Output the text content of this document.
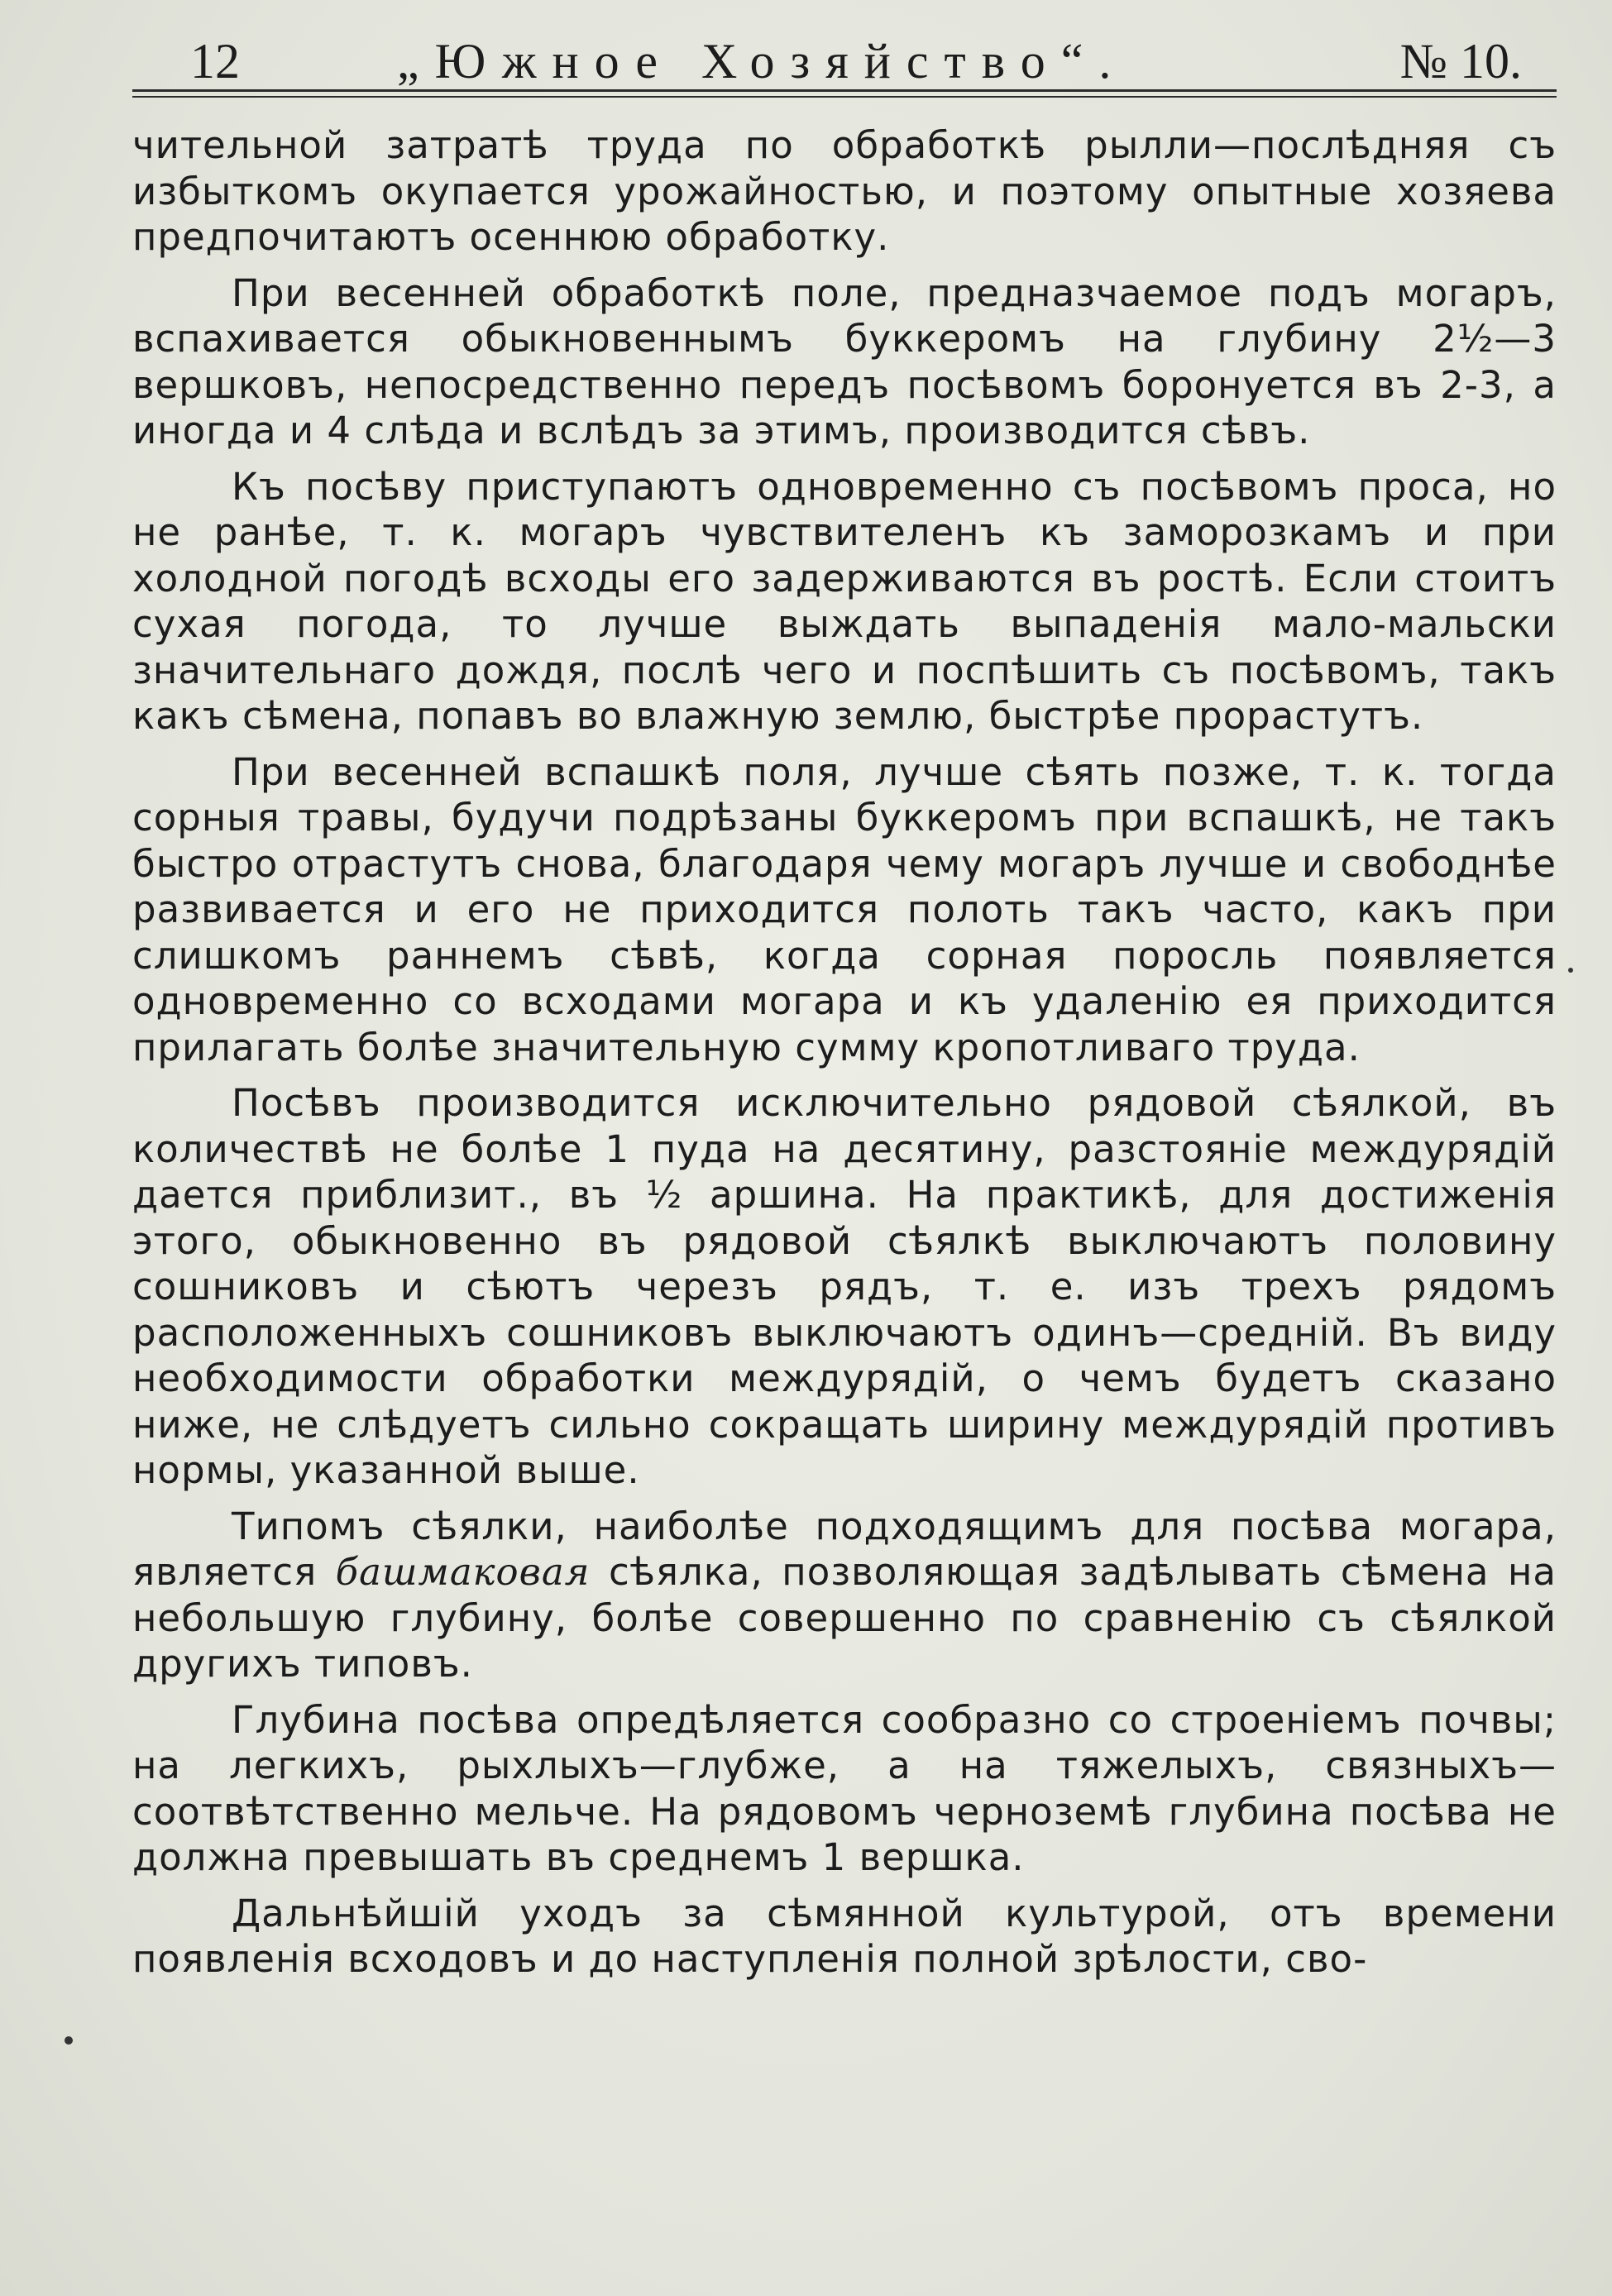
12	„Южное Хозяйство“.	№ 10.

чительной затратѣ труда по обработкѣ рылли—послѣдняя съ избыткомъ окупается урожайностью, и поэтому опытные хозяева предпочитаютъ осеннюю обработку.

При весенней обработкѣ поле, предназчаемое подъ могаръ, вспахивается обыкновеннымъ буккеромъ на глубину 2½—3 вершковъ, непосредственно передъ посѣвомъ боронуется въ 2-3, а иногда и 4 слѣда и вслѣдъ за этимъ, производится сѣвъ.

Къ посѣву приступаютъ одновременно съ посѣвомъ проса, но не ранѣе, т. к. могаръ чувствителенъ къ заморозкамъ и при холодной погодѣ всходы его задерживаются въ ростѣ. Если стоитъ сухая погода, то лучше выждать выпаденія мало-мальски значительнаго дождя, послѣ чего и поспѣшить съ посѣвомъ, такъ какъ сѣмена, попавъ во влажную землю, быстрѣе прорастутъ.

При весенней вспашкѣ поля, лучше сѣять позже, т. к. тогда сорныя травы, будучи подрѣзаны буккеромъ при вспашкѣ, не такъ быстро отрастутъ снова, благодаря чему могаръ лучше и свободнѣе развивается и его не приходится полоть такъ часто, какъ при слишкомъ раннемъ сѣвѣ, когда сорная поросль появляется одновременно со всходами могара и къ удаленію ея приходится прилагать болѣе значительную сумму кропотливаго труда.

Посѣвъ производится исключительно рядовой сѣялкой, въ количествѣ не болѣе 1 пуда на десятину, разстояніе междурядій дается приблизит., въ ½ аршина. На практикѣ, для достиженія этого, обыкновенно въ рядовой сѣялкѣ выключаютъ половину сошниковъ и сѣютъ черезъ рядъ, т. е. изъ трехъ рядомъ расположенныхъ сошниковъ выключаютъ одинъ—средній. Въ виду необходимости обработки междурядій, о чемъ будетъ сказано ниже, не слѣдуетъ сильно сокращать ширину междурядій противъ нормы, указанной выше.

Типомъ сѣялки, наиболѣе подходящимъ для посѣва могара, является башмаковая сѣялка, позволяющая задѣлывать сѣмена на небольшую глубину, болѣе совершенно по сравненію съ сѣялкой другихъ типовъ.

Глубина посѣва опредѣляется сообразно со строеніемъ почвы; на легкихъ, рыхлыхъ—глубже, а на тяжелыхъ, связныхъ—соотвѣтственно мельче. На рядовомъ черноземѣ глубина посѣва не должна превышать въ среднемъ 1 вершка.

Дальнѣйшій уходъ за сѣмянной культурой, отъ времени появленія всходовъ и до наступленія полной зрѣлости, сво-
